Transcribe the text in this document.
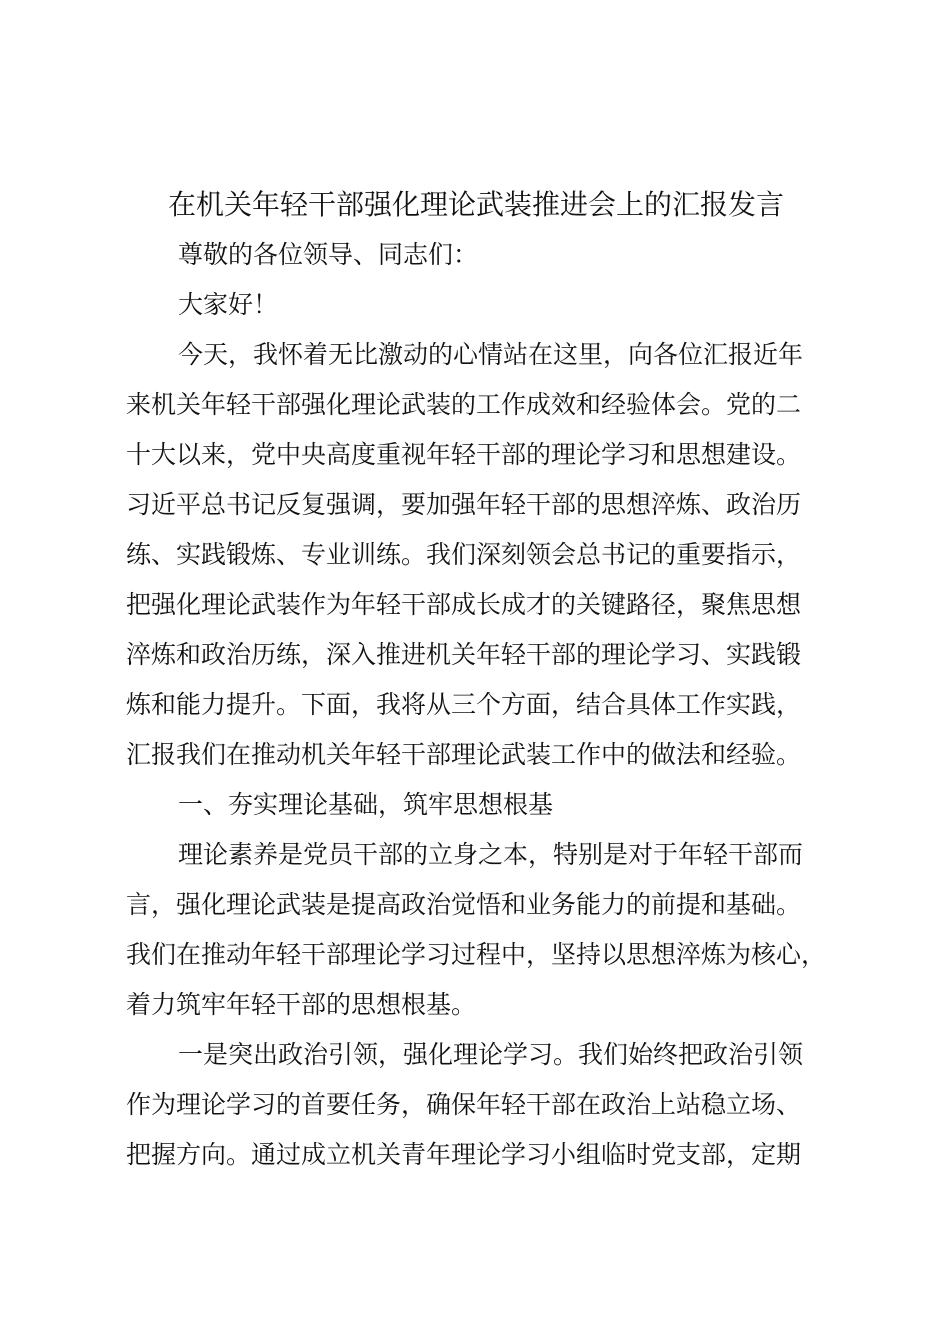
在机关年轻干部强化理论武装推进会上的汇报发言

尊敬的各位领导、同志们：

大家好！

今天，我怀着无比激动的心情站在这里，向各位汇报近年
来机关年轻干部强化理论武装的工作成效和经验体会。党的二
十大以来，党中央高度重视年轻干部的理论学习和思想建设。
习近平总书记反复强调，要加强年轻干部的思想淬炼、政治历
练、实践锻炼、专业训练。我们深刻领会总书记的重要指示，
把强化理论武装作为年轻干部成长成才的关键路径，聚焦思想
淬炼和政治历练，深入推进机关年轻干部的理论学习、实践锻
炼和能力提升。下面，我将从三个方面，结合具体工作实践，
汇报我们在推动机关年轻干部理论武装工作中的做法和经验。

一、夯实理论基础，筑牢思想根基

理论素养是党员干部的立身之本，特别是对于年轻干部而
言，强化理论武装是提高政治觉悟和业务能力的前提和基础。
我们在推动年轻干部理论学习过程中，坚持以思想淬炼为核心，
着力筑牢年轻干部的思想根基。

一是突出政治引领，强化理论学习。我们始终把政治引领
作为理论学习的首要任务，确保年轻干部在政治上站稳立场、
把握方向。通过成立机关青年理论学习小组临时党支部，定期
